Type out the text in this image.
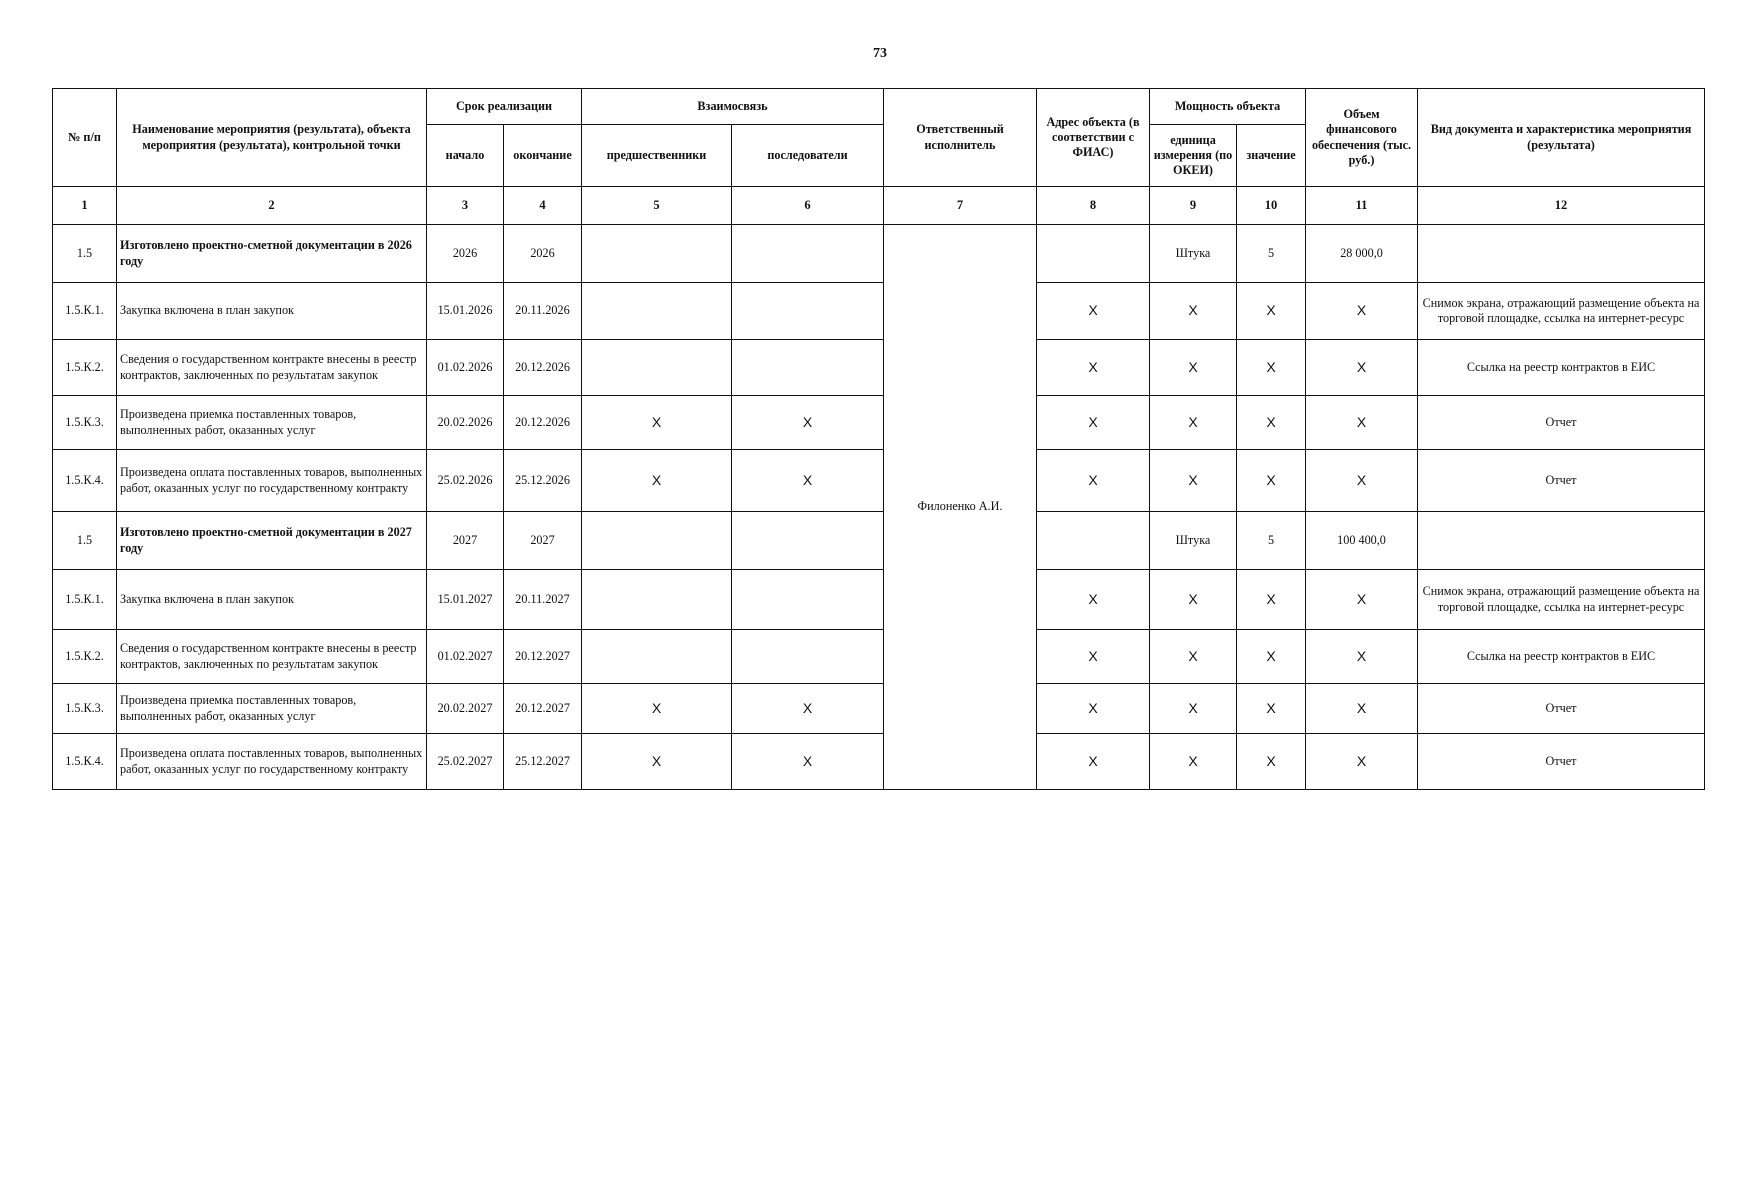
73
№ п/п	Наименование мероприятия (результата), объекта мероприятия (результата), контрольной точки	Срок реализации		Взаимосвязь		Ответственный исполнитель	Адрес объекта (в соответствии с ФИАС)	Мощность объекта		Объем финансового обеспечения (тыс. руб.)	Вид документа и характеристика мероприятия (результата)
		начало	окончание	предшественники	последователи			единица измерения (по ОКЕИ)	значение		
1	2	3	4	5	6	7	8	9	10	11	12
1.5	Изготовлено проектно-сметной документации в 2026 году	2026	2026			Филоненко А.И.		Штука	5	28 000,0	
1.5.К.1.	Закупка включена в план закупок	15.01.2026	20.11.2026				X	X	X	X	Снимок экрана, отражающий размещение объекта на торговой площадке, ссылка на интернет-ресурс
1.5.К.2.	Сведения о государственном контракте внесены в реестр контрактов, заключенных по результатам закупок	01.02.2026	20.12.2026				X	X	X	X	Ссылка на реестр контрактов в ЕИС
1.5.К.3.	Произведена приемка поставленных товаров, выполненных работ, оказанных услуг	20.02.2026	20.12.2026	X	X		X	X	X	X	Отчет
1.5.К.4.	Произведена оплата поставленных товаров, выполненных работ, оказанных услуг по государственному контракту	25.02.2026	25.12.2026	X	X		X	X	X	X	Отчет
1.5	Изготовлено проектно-сметной документации в 2027 году	2027	2027					Штука	5	100 400,0	
1.5.К.1.	Закупка включена в план закупок	15.01.2027	20.11.2027				X	X	X	X	Снимок экрана, отражающий размещение объекта на торговой площадке, ссылка на интернет-ресурс
1.5.К.2.	Сведения о государственном контракте внесены в реестр контрактов, заключенных по результатам закупок	01.02.2027	20.12.2027				X	X	X	X	Ссылка на реестр контрактов в ЕИС
1.5.К.3.	Произведена приемка поставленных товаров, выполненных работ, оказанных услуг	20.02.2027	20.12.2027	X	X		X	X	X	X	Отчет
1.5.К.4.	Произведена оплата поставленных товаров, выполненных работ, оказанных услуг по государственному контракту	25.02.2027	25.12.2027	X	X		X	X	X	X	Отчет
